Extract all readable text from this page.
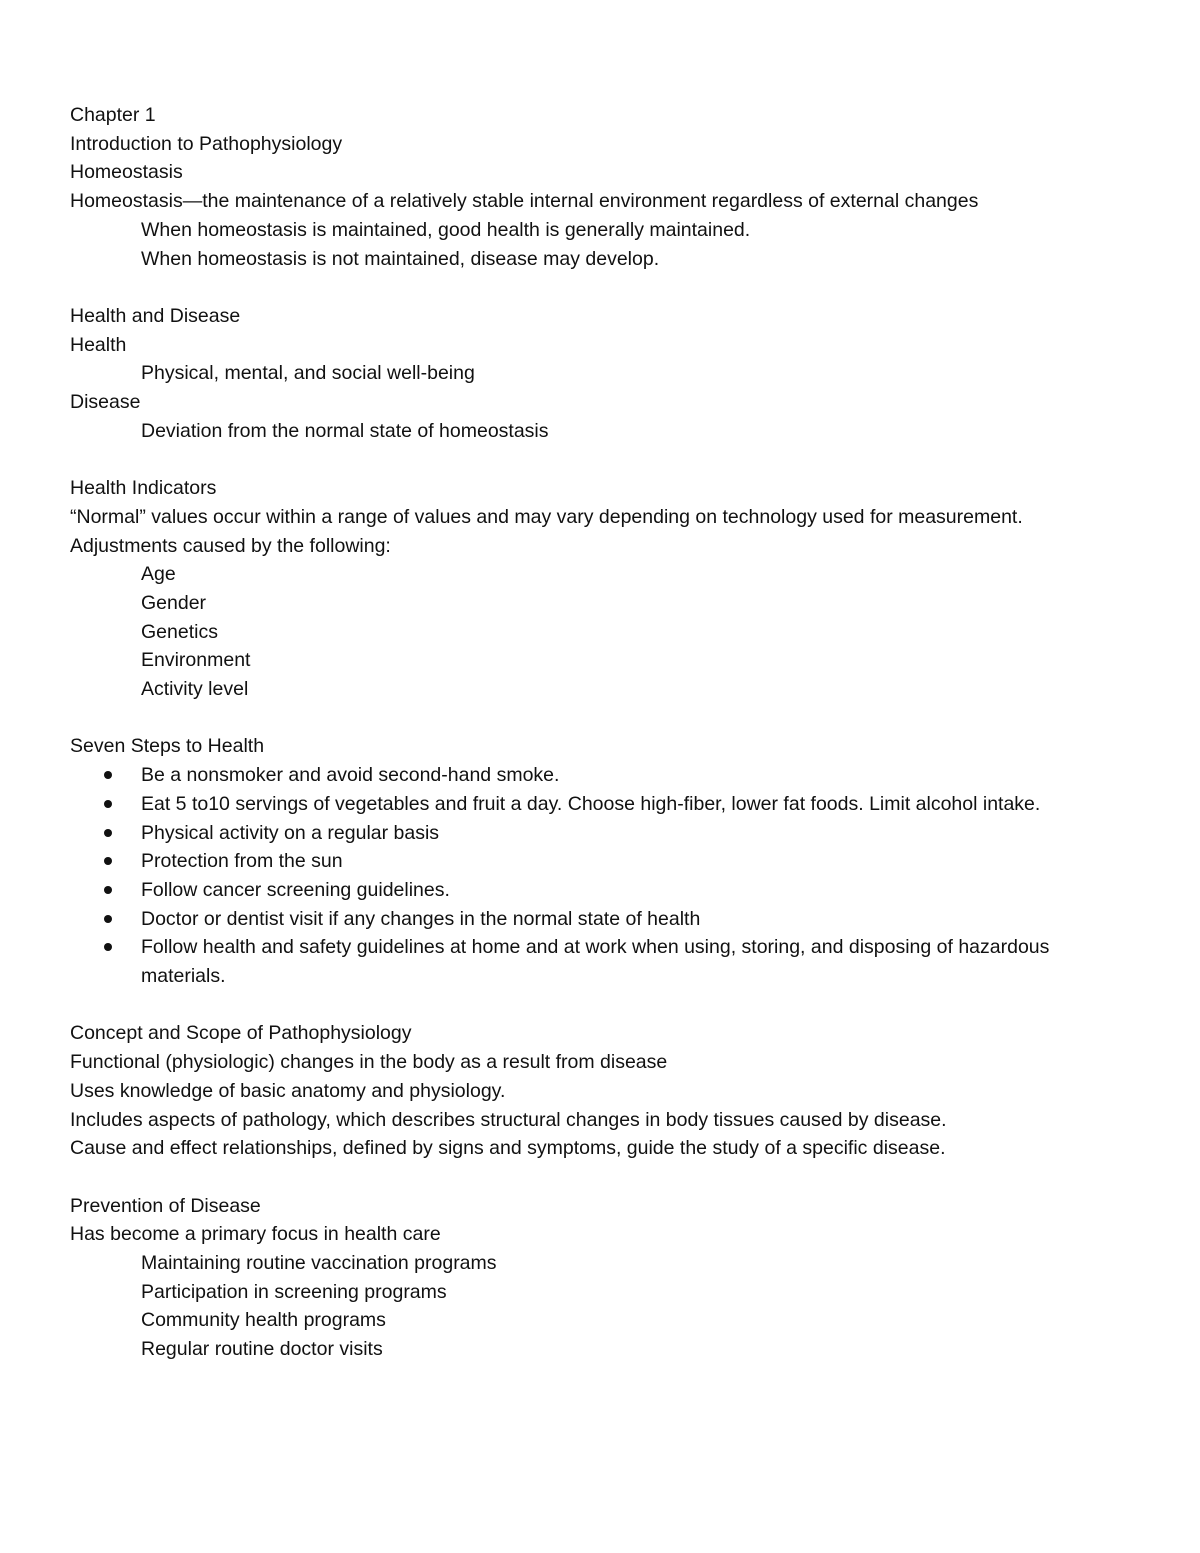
Chapter 1
Introduction to Pathophysiology
Homeostasis
Homeostasis—the maintenance of a relatively stable internal environment regardless of external changes
When homeostasis is maintained, good health is generally maintained.
When homeostasis is not maintained, disease may develop.
Health and Disease
Health
Physical, mental, and social well-being
Disease
Deviation from the normal state of homeostasis
Health Indicators
“Normal” values occur within a range of values and may vary depending on technology used for measurement.
Adjustments caused by the following:
Age
Gender
Genetics
Environment
Activity level
Seven Steps to Health
Be a nonsmoker and avoid second-hand smoke.
Eat 5 to10 servings of vegetables and fruit a day. Choose high-fiber, lower fat foods. Limit alcohol intake.
Physical activity on a regular basis
Protection from the sun
Follow cancer screening guidelines.
Doctor or dentist visit if any changes in the normal state of health
Follow health and safety guidelines at home and at work when using, storing, and disposing of hazardous materials.
Concept and Scope of Pathophysiology
Functional (physiologic) changes in the body as a result from disease
Uses knowledge of basic anatomy and physiology.
Includes aspects of pathology, which describes structural changes in body tissues caused by disease.
Cause and effect relationships, defined by signs and symptoms, guide the study of a specific disease.
Prevention of Disease
Has become a primary focus in health care
Maintaining routine vaccination programs
Participation in screening programs
Community health programs
Regular routine doctor visits
